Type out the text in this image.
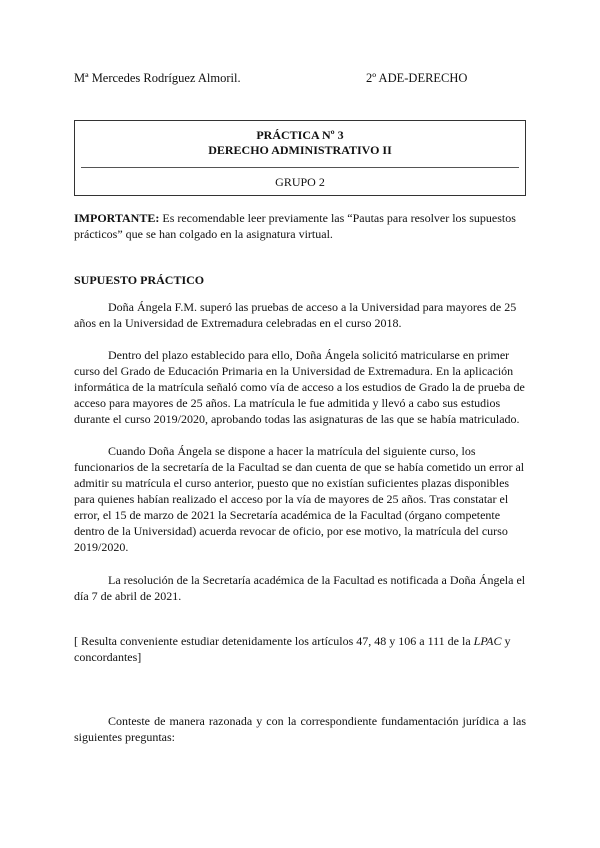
Mª Mercedes Rodríguez Almoril.	2º ADE-DERECHO
PRÁCTICA Nº 3
DERECHO ADMINISTRATIVO II
GRUPO 2
IMPORTANTE: Es recomendable leer previamente las “Pautas para resolver los supuestos prácticos” que se han colgado en la asignatura virtual.
SUPUESTO PRÁCTICO
Doña Ángela F.M. superó las pruebas de acceso a la Universidad para mayores de 25 años en la Universidad de Extremadura celebradas en el curso 2018.
Dentro del plazo establecido para ello, Doña Ángela solicitó matricularse en primer curso del Grado de Educación Primaria en la Universidad de Extremadura. En la aplicación informática de la matrícula señaló como vía de acceso a los estudios de Grado la de prueba de acceso para mayores de 25 años. La matrícula le fue admitida y llevó a cabo sus estudios durante el curso 2019/2020, aprobando todas las asignaturas de las que se había matriculado.
Cuando Doña Ángela se dispone a hacer la matrícula del siguiente curso, los funcionarios de la secretaría de la Facultad se dan cuenta de que se había cometido un error al admitir su matrícula el curso anterior, puesto que no existían suficientes plazas disponibles para quienes habían realizado el acceso por la vía de mayores de 25 años. Tras constatar el error, el 15 de marzo de 2021 la Secretaría académica de la Facultad (órgano competente dentro de la Universidad) acuerda revocar de oficio, por ese motivo, la matrícula del curso 2019/2020.
La resolución de la Secretaría académica de la Facultad es notificada a Doña Ángela el día 7 de abril de 2021.
[ Resulta conveniente estudiar detenidamente los artículos 47, 48 y 106 a 111 de la LPAC y concordantes]
Conteste de manera razonada y con la correspondiente fundamentación jurídica a las siguientes preguntas:
